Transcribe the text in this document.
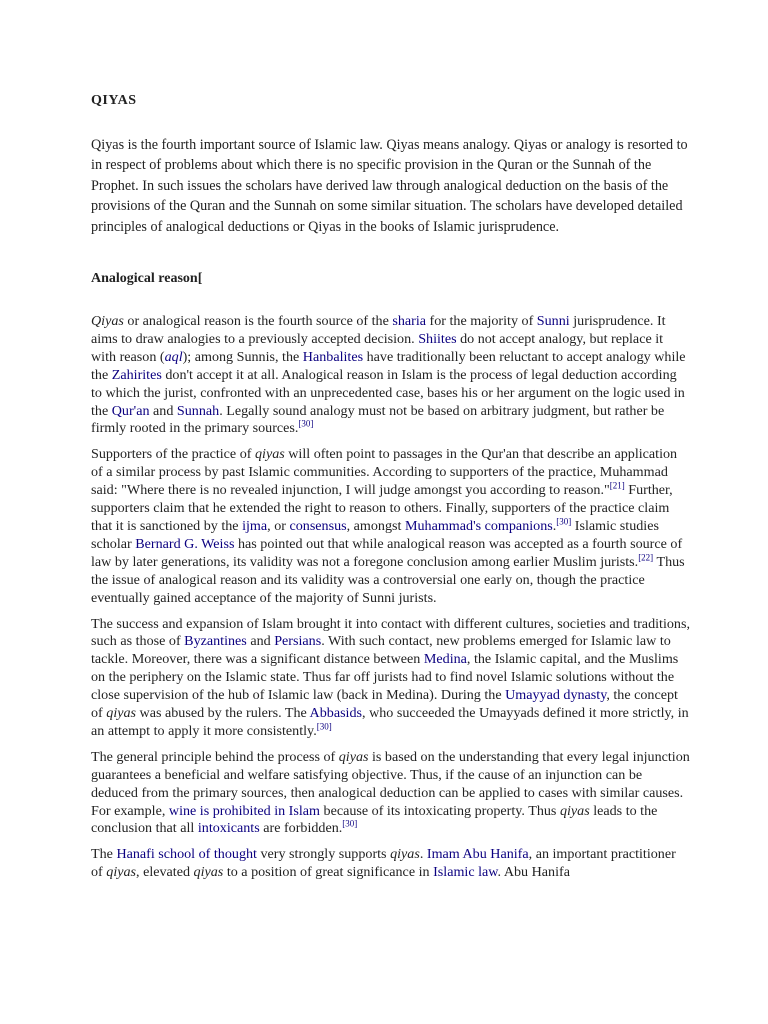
QIYAS

Qiyas is the fourth important source of Islamic law. Qiyas means analogy. Qiyas or analogy is resorted to in respect of problems about which there is no specific provision in the Quran or the Sunnah of the Prophet. In such issues the scholars have derived law through analogical deduction on the basis of the provisions of the Quran and the Sunnah on some similar situation. The scholars have developed detailed principles of analogical deductions or Qiyas in the books of Islamic jurisprudence.

Analogical reason[

Qiyas or analogical reason is the fourth source of the sharia for the majority of Sunni jurisprudence. It aims to draw analogies to a previously accepted decision. Shiites do not accept analogy, but replace it with reason (aql); among Sunnis, the Hanbalites have traditionally been reluctant to accept analogy while the Zahirites don't accept it at all. Analogical reason in Islam is the process of legal deduction according to which the jurist, confronted with an unprecedented case, bases his or her argument on the logic used in the Qur'an and Sunnah. Legally sound analogy must not be based on arbitrary judgment, but rather be firmly rooted in the primary sources.[30]

Supporters of the practice of qiyas will often point to passages in the Qur'an that describe an application of a similar process by past Islamic communities. According to supporters of the practice, Muhammad said: "Where there is no revealed injunction, I will judge amongst you according to reason."[21] Further, supporters claim that he extended the right to reason to others. Finally, supporters of the practice claim that it is sanctioned by the ijma, or consensus, amongst Muhammad's companions.[30] Islamic studies scholar Bernard G. Weiss has pointed out that while analogical reason was accepted as a fourth source of law by later generations, its validity was not a foregone conclusion among earlier Muslim jurists.[22] Thus the issue of analogical reason and its validity was a controversial one early on, though the practice eventually gained acceptance of the majority of Sunni jurists.

The success and expansion of Islam brought it into contact with different cultures, societies and traditions, such as those of Byzantines and Persians. With such contact, new problems emerged for Islamic law to tackle. Moreover, there was a significant distance between Medina, the Islamic capital, and the Muslims on the periphery on the Islamic state. Thus far off jurists had to find novel Islamic solutions without the close supervision of the hub of Islamic law (back in Medina). During the Umayyad dynasty, the concept of qiyas was abused by the rulers. The Abbasids, who succeeded the Umayyads defined it more strictly, in an attempt to apply it more consistently.[30]

The general principle behind the process of qiyas is based on the understanding that every legal injunction guarantees a beneficial and welfare satisfying objective. Thus, if the cause of an injunction can be deduced from the primary sources, then analogical deduction can be applied to cases with similar causes. For example, wine is prohibited in Islam because of its intoxicating property. Thus qiyas leads to the conclusion that all intoxicants are forbidden.[30]

The Hanafi school of thought very strongly supports qiyas. Imam Abu Hanifa, an important practitioner of qiyas, elevated qiyas to a position of great significance in Islamic law. Abu Hanifa
